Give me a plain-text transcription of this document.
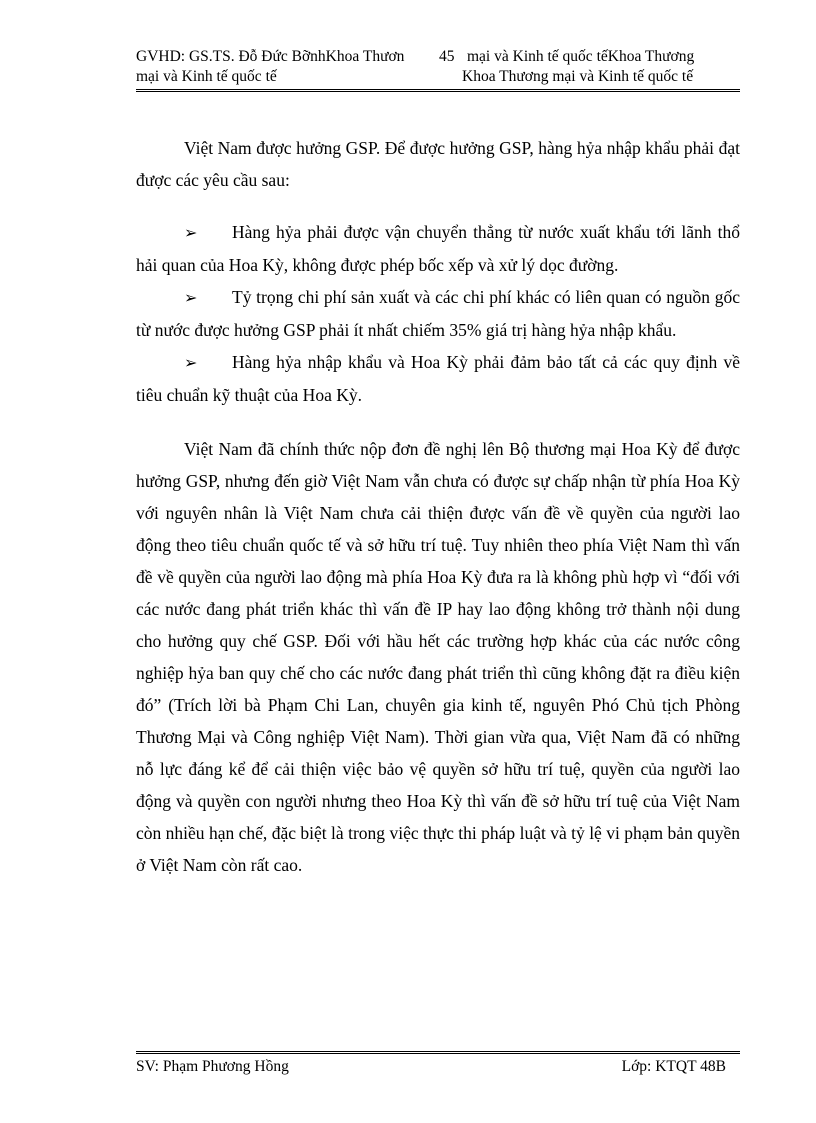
GVHD: GS.TS. Đỗ Đức BỡnhKhoa Thươn 45 mại và Kinh tế quốc tếKhoa Thương
mại và Kinh tế quốc tế	Khoa Thương mại và Kinh tế quốc tế

Việt Nam được hưởng GSP. Để được hưởng GSP, hàng hỷa nhập khẩu phải đạt được các yêu cầu sau:

➢ Hàng hỷa phải được vận chuyển thẳng từ nước xuất khẩu tới lãnh thổ hải quan của Hoa Kỳ, không được phép bốc xếp và xử lý dọc đường.

➢ Tỷ trọng chi phí sản xuất và các chi phí khác có liên quan có nguồn gốc từ nước được hưởng GSP phải ít nhất chiếm 35% giá trị hàng hỷa nhập khẩu.

➢ Hàng hỷa nhập khẩu và Hoa Kỳ phải đảm bảo tất cả các quy định về tiêu chuẩn kỹ thuật của Hoa Kỳ.

Việt Nam đã chính thức nộp đơn đề nghị lên Bộ thương mại Hoa Kỳ để được hưởng GSP, nhưng đến giờ Việt Nam vẫn chưa có được sự chấp nhận từ phía Hoa Kỳ với nguyên nhân là Việt Nam chưa cải thiện được vấn đề về quyền của người lao động theo tiêu chuẩn quốc tế và sở hữu trí tuệ. Tuy nhiên theo phía Việt Nam thì vấn đề về quyền của người lao động mà phía Hoa Kỳ đưa ra là không phù hợp vì “đối với các nước đang phát triển khác thì vấn đề IP hay lao động không trở thành nội dung cho hưởng quy chế GSP. Đối với hầu hết các trường hợp khác của các nước công nghiệp hỷa ban quy chế cho các nước đang phát triển thì cũng không đặt ra điều kiện đó” (Trích lời bà Phạm Chi Lan, chuyên gia kinh tế, nguyên Phó Chủ tịch Phòng Thương Mại và Công nghiệp Việt Nam). Thời gian vừa qua, Việt Nam đã có những nỗ lực đáng kể để cải thiện việc bảo vệ quyền sở hữu trí tuệ, quyền của người lao động và quyền con người nhưng theo Hoa Kỳ thì vấn đề sở hữu trí tuệ của Việt Nam còn nhiều hạn chế, đặc biệt là trong việc thực thi pháp luật và tỷ lệ vi phạm bản quyền ở Việt Nam còn rất cao.

SV: Phạm Phương Hồng	Lớp: KTQT 48B
